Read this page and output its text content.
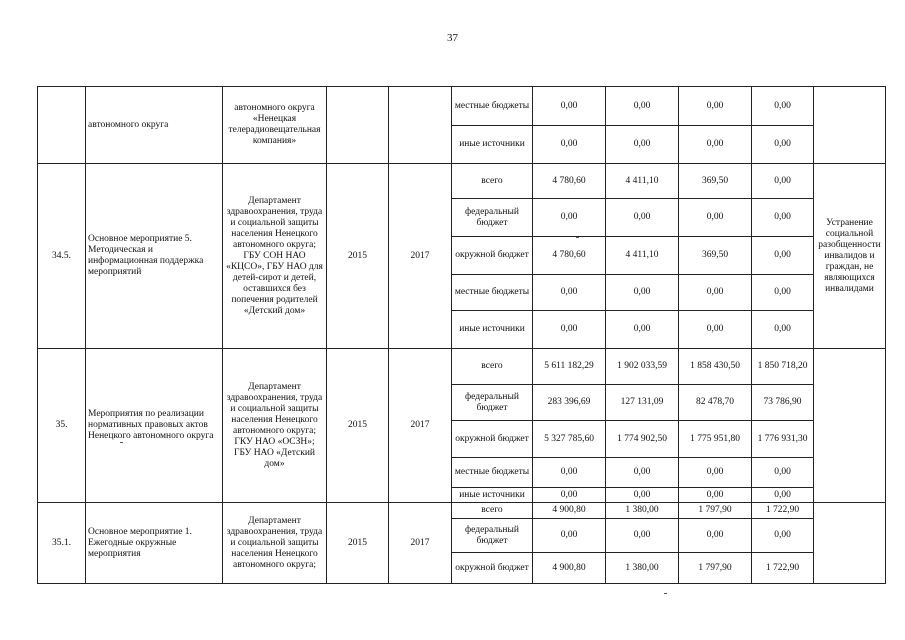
37
	автономного округа	автономного округа «Ненецкая телерадиовещательная компания»			местные бюджеты	0,00	0,00	0,00	0,00	
					иные источники	0,00	0,00	0,00	0,00	
34.5.	Основное мероприятие 5. Методическая и информационная поддержка мероприятий	Департамент здравоохранения, труда и социальной защиты населения Ненецкого автономного округа; ГБУ СОН НАО «КЦСО», ГБУ НАО для детей-сирот и детей, оставшихся без попечения родителей «Детский дом»	2015	2017	всего	4 780,60	4 411,10	369,50	0,00	Устранение социальной разобщенности инвалидов и граждан, не являющихся инвалидами
					федеральный бюджет	0,00	0,00	0,00	0,00	
					окружной бюджет	4 780,60	4 411,10	369,50	0,00	
					местные бюджеты	0,00	0,00	0,00	0,00	
					иные источники	0,00	0,00	0,00	0,00	
35.	Мероприятия по реализации нормативных правовых актов Ненецкого автономного округа	Департамент здравоохранения, труда и социальной защиты населения Ненецкого автономного округа; ГКУ НАО «ОСЗН»; ГБУ НАО «Детский дом»	2015	2017	всего	5 611 182,29	1 902 033,59	1 858 430,50	1 850 718,20	
					федеральный бюджет	283 396,69	127 131,09	82 478,70	73 786,90	
					окружной бюджет	5 327 785,60	1 774 902,50	1 775 951,80	1 776 931,30	
					местные бюджеты	0,00	0,00	0,00	0,00	
					иные источники	0,00	0,00	0,00	0,00	
35.1.	Основное мероприятие 1. Ежегодные окружные мероприятия	Департамент здравоохранения, труда и социальной защиты населения Ненецкого автономного округа;	2015	2017	всего	4 900,80	1 380,00	1 797,90	1 722,90	
					федеральный бюджет	0,00	0,00	0,00	0,00	
					окружной бюджет	4 900,80	1 380,00	1 797,90	1 722,90	
